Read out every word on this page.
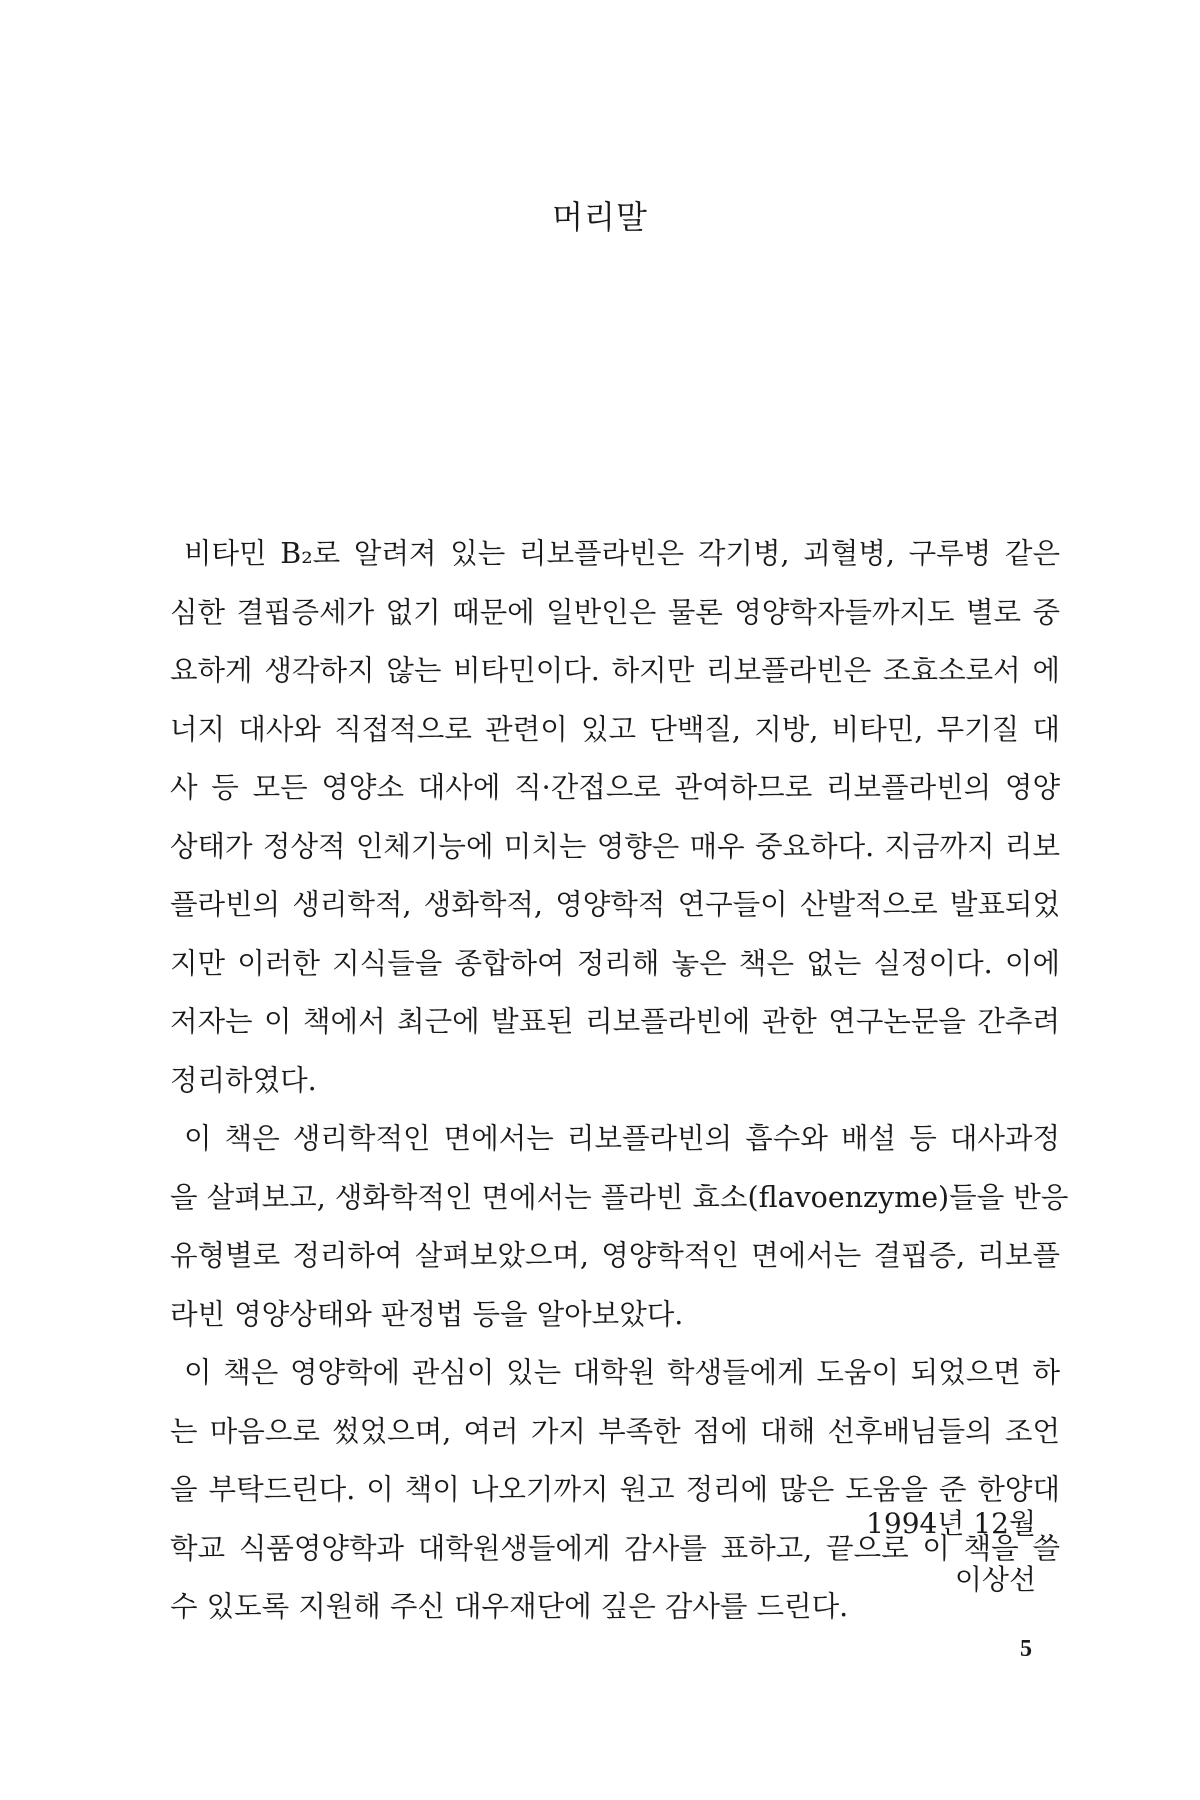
머리말
비타민 B₂로 알려져 있는 리보플라빈은 각기병, 괴혈병, 구루병 같은
심한 결핍증세가 없기 때문에 일반인은 물론 영양학자들까지도 별로 중
요하게 생각하지 않는 비타민이다. 하지만 리보플라빈은 조효소로서 에
너지 대사와 직접적으로 관련이 있고 단백질, 지방, 비타민, 무기질 대
사 등 모든 영양소 대사에 직·간접으로 관여하므로 리보플라빈의 영양
상태가 정상적 인체기능에 미치는 영향은 매우 중요하다. 지금까지 리보
플라빈의 생리학적, 생화학적, 영양학적 연구들이 산발적으로 발표되었
지만 이러한 지식들을 종합하여 정리해 놓은 책은 없는 실정이다. 이에
저자는 이 책에서 최근에 발표된 리보플라빈에 관한 연구논문을 간추려
정리하였다.
이 책은 생리학적인 면에서는 리보플라빈의 흡수와 배설 등 대사과정
을 살펴보고, 생화학적인 면에서는 플라빈 효소(flavoenzyme)들을 반응
유형별로 정리하여 살펴보았으며, 영양학적인 면에서는 결핍증, 리보플
라빈 영양상태와 판정법 등을 알아보았다.
이 책은 영양학에 관심이 있는 대학원 학생들에게 도움이 되었으면 하
는 마음으로 썼었으며, 여러 가지 부족한 점에 대해 선후배님들의 조언
을 부탁드린다. 이 책이 나오기까지 원고 정리에 많은 도움을 준 한양대
학교 식품영양학과 대학원생들에게 감사를 표하고, 끝으로 이 책을 쓸
수 있도록 지원해 주신 대우재단에 깊은 감사를 드린다.
1994년 12월
이상선
5
